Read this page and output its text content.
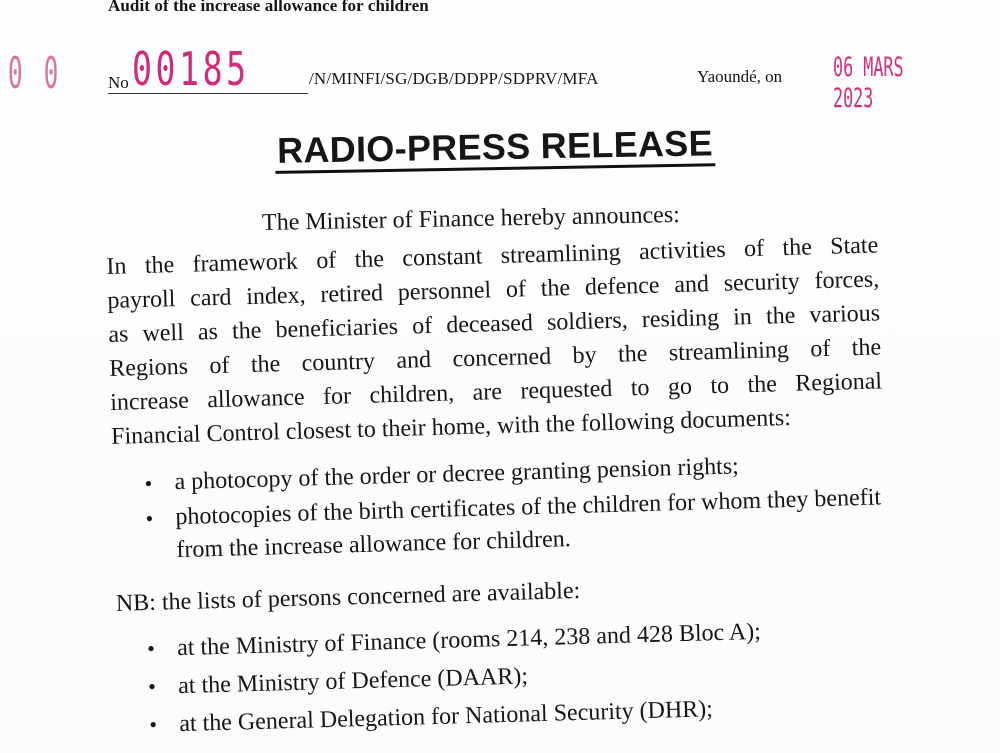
Audit of the increase allowance for children
0 0	No 00185	/N/MINFI/SG/DGB/DDPP/SDPRV/MFA	Yaoundé, on 06 MARS 2023
RADIO-PRESS RELEASE
The Minister of Finance hereby announces:
In the framework of the constant streamlining activities of the State
payroll card index, retired personnel of the defence and security forces,
as well as the beneficiaries of deceased soldiers, residing in the various
Regions of the country and concerned by the streamlining of the
increase allowance for children, are requested to go to the Regional
Financial Control closest to their home, with the following documents:
• a photocopy of the order or decree granting pension rights;
• photocopies of the birth certificates of the children for whom they benefit from the increase allowance for children.
NB: the lists of persons concerned are available:
• at the Ministry of Finance (rooms 214, 238 and 428 Bloc A);
• at the Ministry of Defence (DAAR);
• at the General Delegation for National Security (DHR);
